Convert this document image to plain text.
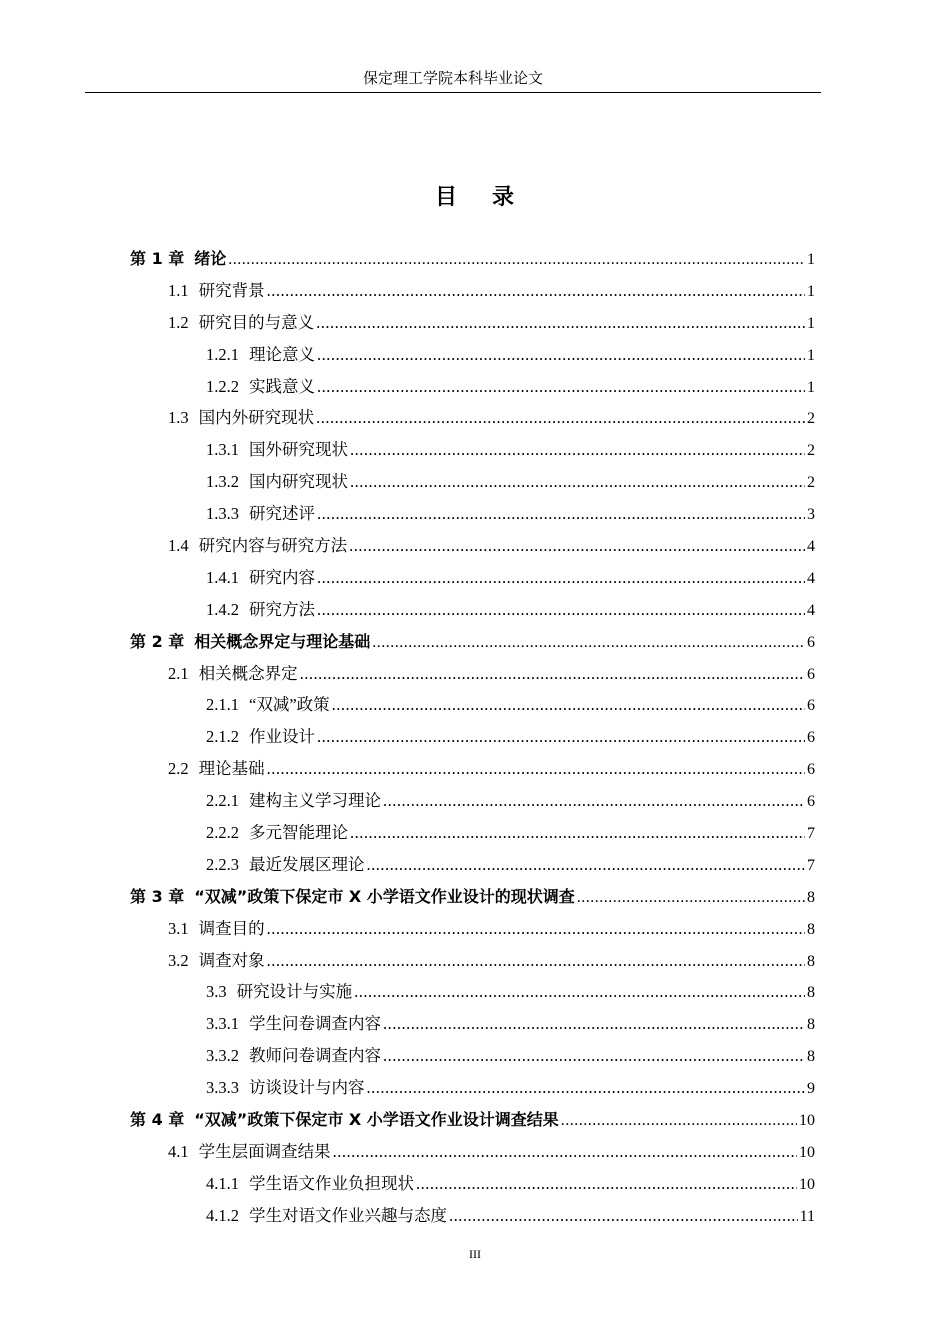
保定理工学院本科毕业论文
目 录
第 1 章 绪论 .....	1
1.1 研究背景 .....	1
1.2 研究目的与意义 .....	1
1.2.1 理论意义 .....	1
1.2.2 实践意义 .....	1
1.3 国内外研究现状 .....	2
1.3.1 国外研究现状 .....	2
1.3.2 国内研究现状 .....	2
1.3.3 研究述评 .....	3
1.4 研究内容与研究方法 .....	4
1.4.1 研究内容 .....	4
1.4.2 研究方法 .....	4
第 2 章 相关概念界定与理论基础 .....	6
2.1 相关概念界定 .....	6
2.1.1 “双减”政策 .....	6
2.1.2 作业设计 .....	6
2.2 理论基础 .....	6
2.2.1 建构主义学习理论 .....	6
2.2.2 多元智能理论 .....	7
2.2.3 最近发展区理论 .....	7
第 3 章 “双减”政策下保定市 X 小学语文作业设计的现状调查 .....	8
3.1 调查目的 .....	8
3.2 调查对象 .....	8
3.3 研究设计与实施 .....	8
3.3.1 学生问卷调查内容 .....	8
3.3.2 教师问卷调查内容 .....	8
3.3.3 访谈设计与内容 .....	9
第 4 章 “双减”政策下保定市 X 小学语文作业设计调查结果 .....	10
4.1 学生层面调查结果 .....	10
4.1.1 学生语文作业负担现状 .....	10
4.1.2 学生对语文作业兴趣与态度 .....	11
III
